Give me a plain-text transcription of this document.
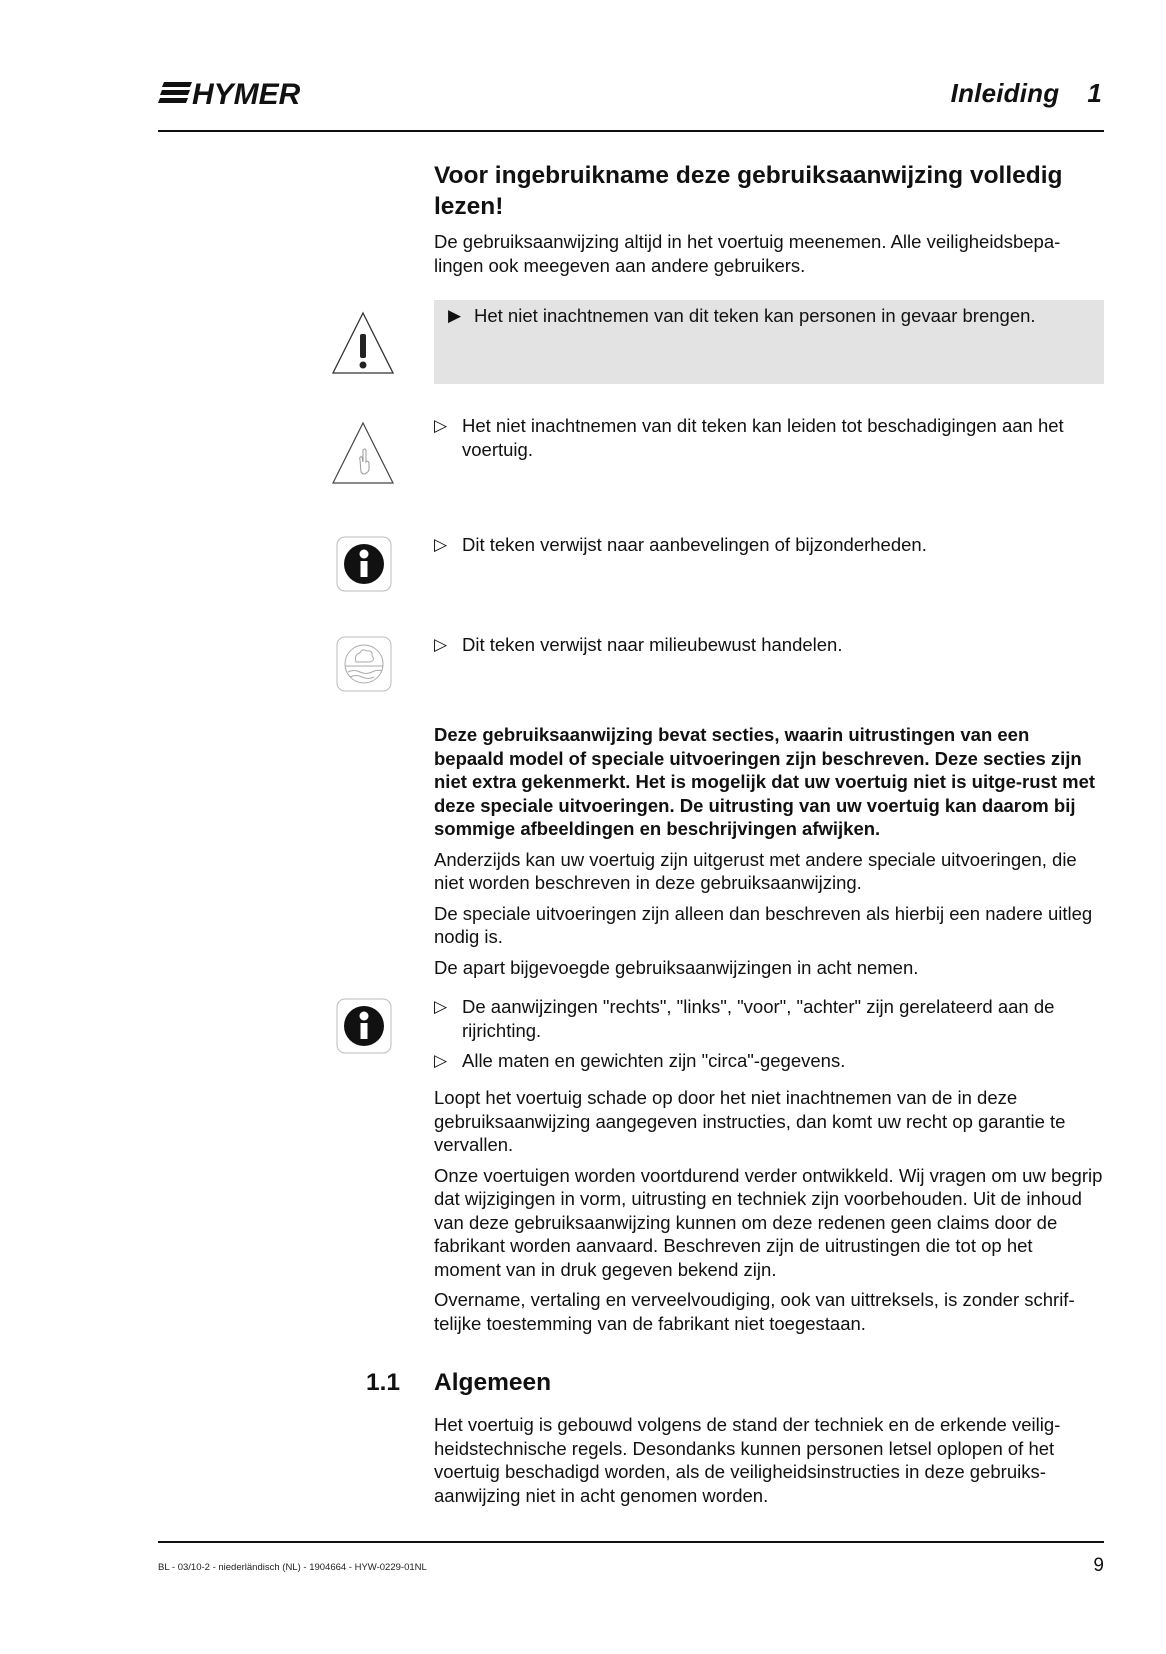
HYMER	Inleiding 1
Voor ingebruikname deze gebruiksaanwijzing volledig lezen!

De gebruiksaanwijzing altijd in het voertuig meenemen. Alle veiligheidsbepa-lingen ook meegeven aan andere gebruikers.

▶ Het niet inachtnemen van dit teken kan personen in gevaar brengen.
▷ Het niet inachtnemen van dit teken kan leiden tot beschadigingen aan het voertuig.
▷ Dit teken verwijst naar aanbevelingen of bijzonderheden.
▷ Dit teken verwijst naar milieubewust handelen.

Deze gebruiksaanwijzing bevat secties, waarin uitrustingen van een bepaald model of speciale uitvoeringen zijn beschreven. Deze secties zijn niet extra gekenmerkt. Het is mogelijk dat uw voertuig niet is uitge-rust met deze speciale uitvoeringen. De uitrusting van uw voertuig kan daarom bij sommige afbeeldingen en beschrijvingen afwijken.

Anderzijds kan uw voertuig zijn uitgerust met andere speciale uitvoeringen, die niet worden beschreven in deze gebruiksaanwijzing.

De speciale uitvoeringen zijn alleen dan beschreven als hierbij een nadere uitleg nodig is.

De apart bijgevoegde gebruiksaanwijzingen in acht nemen.

▷ De aanwijzingen "rechts", "links", "voor", "achter" zijn gerelateerd aan de rijrichting.
▷ Alle maten en gewichten zijn "circa"-gegevens.

Loopt het voertuig schade op door het niet inachtnemen van de in deze gebruiksaanwijzing aangegeven instructies, dan komt uw recht op garantie te vervallen.

Onze voertuigen worden voortdurend verder ontwikkeld. Wij vragen om uw begrip dat wijzigingen in vorm, uitrusting en techniek zijn voorbehouden. Uit de inhoud van deze gebruiksaanwijzing kunnen om deze redenen geen claims door de fabrikant worden aanvaard. Beschreven zijn de uitrustingen die tot op het moment van in druk gegeven bekend zijn.

Overname, vertaling en verveelvoudiging, ook van uittreksels, is zonder schrif-telijke toestemming van de fabrikant niet toegestaan.

1.1 Algemeen

Het voertuig is gebouwd volgens de stand der techniek en de erkende veilig-heidstechnische regels. Desondanks kunnen personen letsel oplopen of het voertuig beschadigd worden, als de veiligheidsinstructies in deze gebruiks-aanwijzing niet in acht genomen worden.

BL - 03/10-2 - niederländisch (NL) - 1904664 - HYW-0229-01NL	9
